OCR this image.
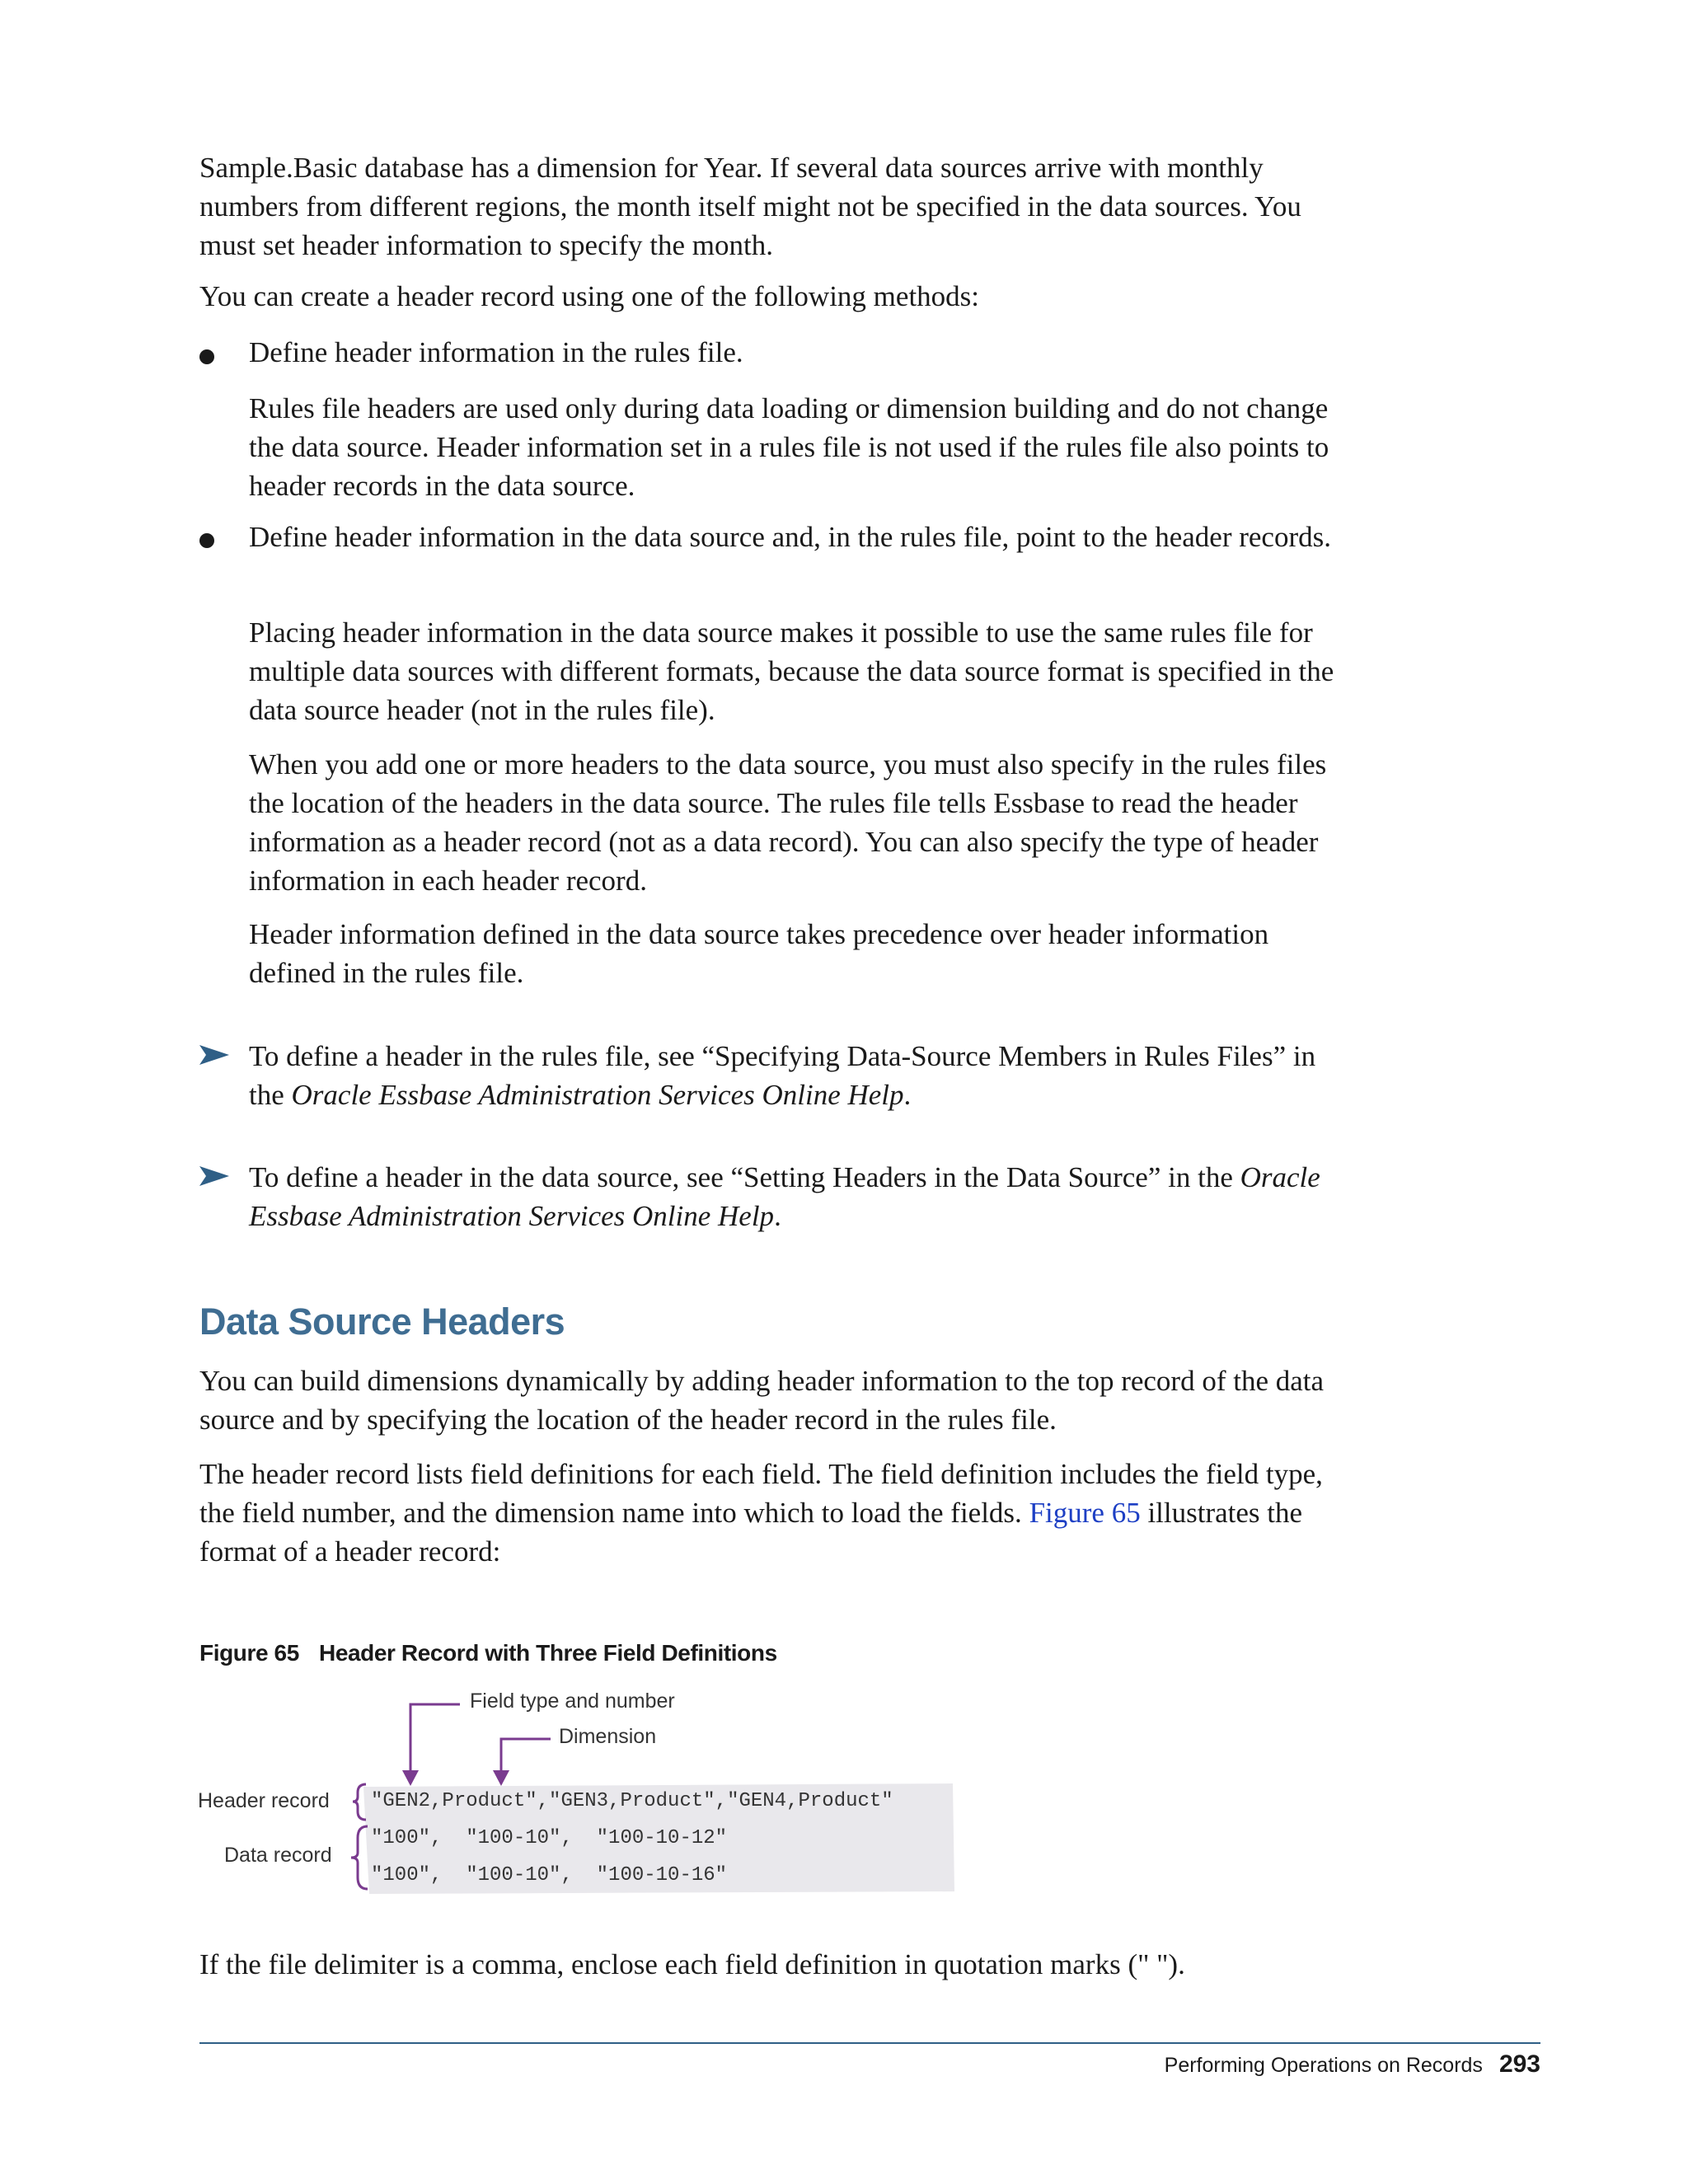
Sample.Basic database has a dimension for Year. If several data sources arrive with monthly numbers from different regions, the month itself might not be specified in the data sources. You must set header information to specify the month.

You can create a header record using one of the following methods:

Define header information in the rules file.

Rules file headers are used only during data loading or dimension building and do not change the data source. Header information set in a rules file is not used if the rules file also points to header records in the data source.

Define header information in the data source and, in the rules file, point to the header records.

Placing header information in the data source makes it possible to use the same rules file for multiple data sources with different formats, because the data source format is specified in the data source header (not in the rules file).

When you add one or more headers to the data source, you must also specify in the rules files the location of the headers in the data source. The rules file tells Essbase to read the header information as a header record (not as a data record). You can also specify the type of header information in each header record.

Header information defined in the data source takes precedence over header information defined in the rules file.

To define a header in the rules file, see “Specifying Data-Source Members in Rules Files” in the Oracle Essbase Administration Services Online Help.

To define a header in the data source, see “Setting Headers in the Data Source” in the Oracle Essbase Administration Services Online Help.

Data Source Headers

You can build dimensions dynamically by adding header information to the top record of the data source and by specifying the location of the header record in the rules file.

The header record lists field definitions for each field. The field definition includes the field type, the field number, and the dimension name into which to load the fields. Figure 65 illustrates the format of a header record:

Figure 65 Header Record with Three Field Definitions
Field type and number
Dimension
Header record
Data record
"GEN2,Product","GEN3,Product","GEN4,Product"
"100",  "100-10",  "100-10-12"
"100",  "100-10",  "100-10-16"

If the file delimiter is a comma, enclose each field definition in quotation marks (" ").

Performing Operations on Records 293
